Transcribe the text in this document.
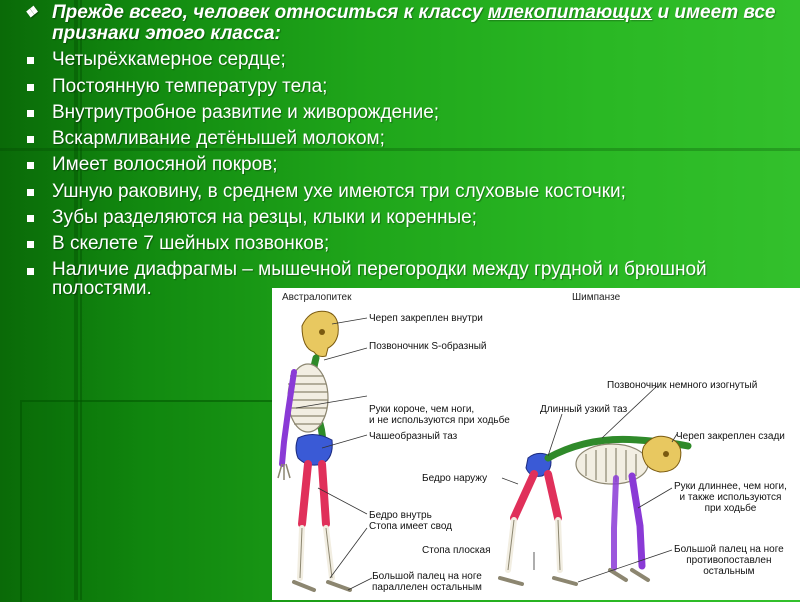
❖ Прежде всего, человек относиться к классу млекопитающих и имеет все признаки этого класса:
Четырёхкамерное сердце;
Постоянную температуру тела;
Внутриутробное развитие и живорождение;
Вскармливание детёнышей молоком;
Имеет волосяной покров;
Ушную раковину, в среднем ухе имеются три слуховые косточки;
Зубы разделяются на резцы, клыки и коренные;
В скелете 7 шейных позвонков;
Наличие диафрагмы – мышечной перегородки между грудной и брюшной полостями.	Австралопитек	Шимпанзе
Череп закреплен внутри
Позвоночник S-образный
Руки короче, чем ноги,
и не используются при ходьбе
Чашеобразный таз
Бедро внутрь
Стопа имеет свод
Большой палец на ноге
параллелен остальным
Позвоночник немного изогнутый
Длинный узкий таз
Череп закреплен сзади
Бедро наружу
Руки длиннее, чем ноги,
и также используются
при ходьбе
Стопа плоская	Большой палец на ноге
противопоставлен
остальным
